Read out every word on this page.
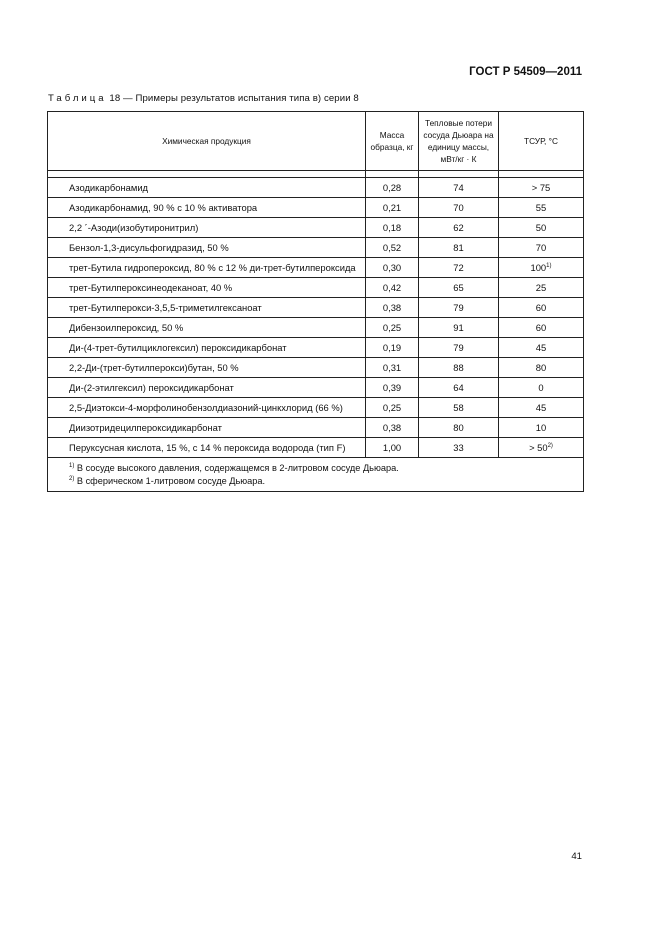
ГОСТ Р 54509—2011
Таблица 18 — Примеры результатов испытания типа в) серии 8
Химическая продукция	Масса образца, кг	Тепловые потери сосуда Дьюара на единицу массы, мВт/кг · К	ТСУР, °С

Азодикарбонамид	0,28	74	> 75
Азодикарбонамид, 90 % с 10 % активатора	0,21	70	55
2,2 ´-Азоди(изобутиронитрил)	0,18	62	50
Бензол-1,3-дисульфогидразид, 50 %	0,52	81	70
трет-Бутила гидропероксид, 80 % с 12 % ди-трет-бутилпероксида	0,30	72	100$^{1)}$
трет-Бутилпероксинеодеканоат, 40 %	0,42	65	25
трет-Бутилперокси-3,5,5-триметилгексаноат	0,38	79	60
Дибензоилпероксид, 50 %	0,25	91	60
Ди-(4-трет-бутилциклогексил) пероксидикарбонат	0,19	79	45
2,2-Ди-(трет-бутилперокси)бутан, 50 %	0,31	88	80
Ди-(2-этилгексил) пероксидикарбонат	0,39	64	0
2,5-Диэтокси-4-морфолинобензолдиазоний-цинкхлорид (66 %)	0,25	58	45
Диизотридецилпероксидикарбонат	0,38	80	10
Перуксусная кислота, 15 %, с 14 % пероксида водорода (тип F)	1,00	33	> $50^{2)}$

$^{1)}$ В сосуде высокого давления, содержащемся в 2-литровом сосуде Дьюара.
$^{2)}$ В сферическом 1-литровом сосуде Дьюара.			
41
